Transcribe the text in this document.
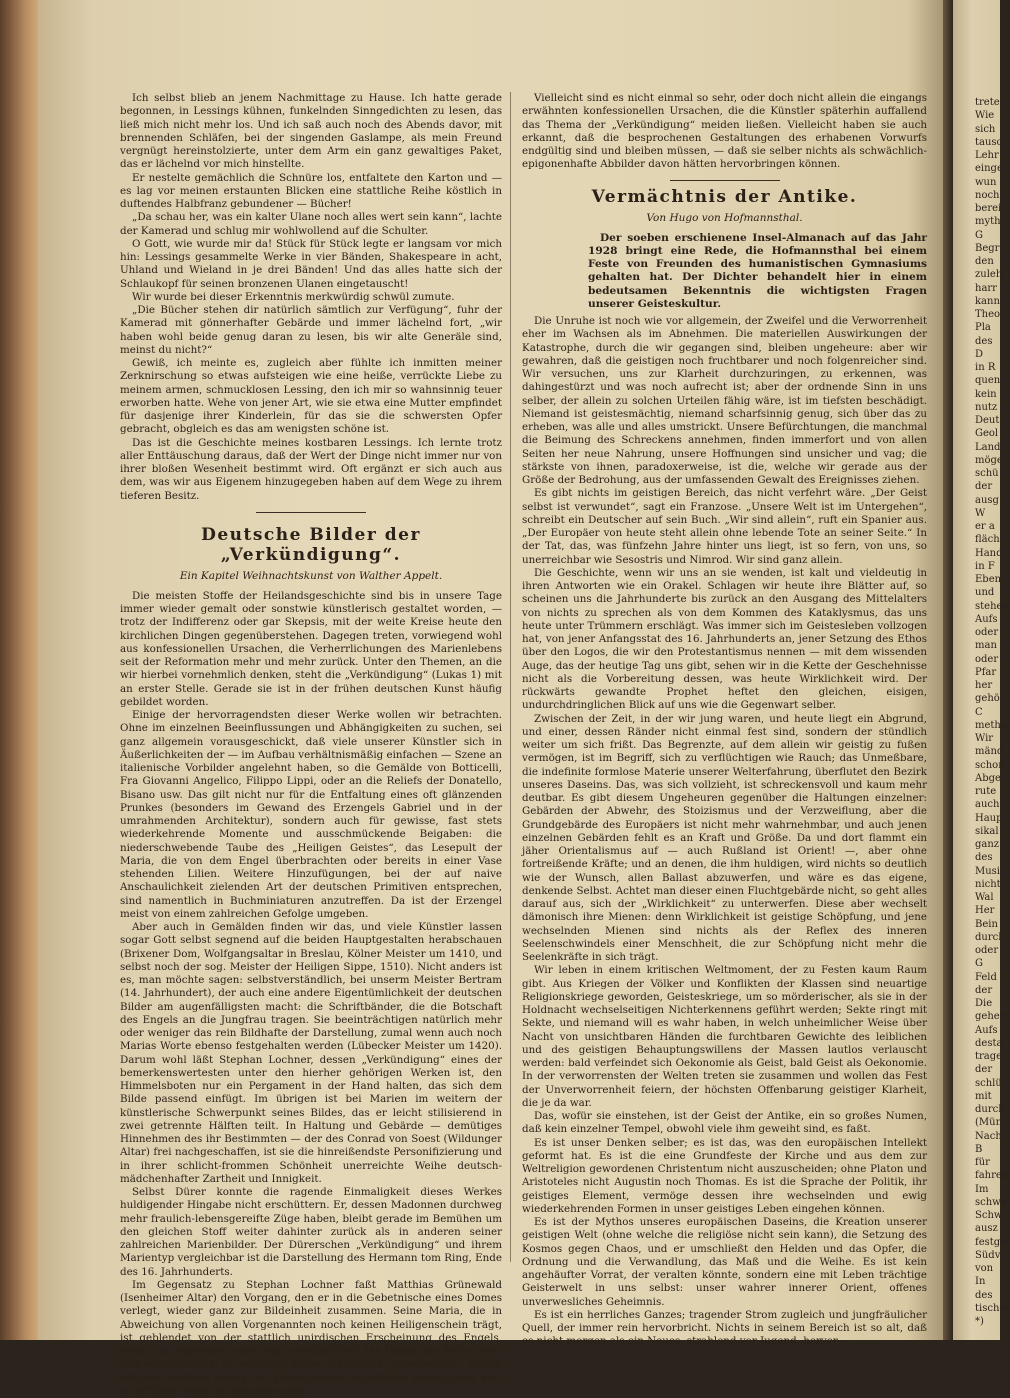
trete
Wie
sich
tausc
Lehr
einge
wun
noch
bereit
myth
G
Begr
den
zuleh
harr
kann
Theo
Pla
des
D
in R
quen
kein
nutz
Deut
Geol
Land
möge
schü
der
ausg
W
er a
fläch
Hand
in F
Eben
und
stehen
Aufs
oder
man
oder
Pfar
her
gehö
C
metho
Wir
mänd
schon
Abge
rute
auch
Haup
sikal
ganz
des
Musi
nicht
Wal
Her
Bein
durch
oder
G
Feld
der
Die
gehen
Aufs
desta
trage
der
schlü
mit
durch
(Mün
Nach
B
für
fahren
Im
schwe
Schw
ausz
festge
Südv
von
In
des
tischer
*)

Ich selbst blieb an jenem Nachmittage zu Hause. Ich hatte gerade begonnen, in Lessings kühnen, funkelnden Sinngedichten zu lesen, das ließ mich nicht mehr los. Und ich saß auch noch des Abends davor, mit brennenden Schläfen, bei der singenden Gaslampe, als mein Freund vergnügt hereinstolzierte, unter dem Arm ein ganz gewaltiges Paket, das er lächelnd vor mich hinstellte.

Er nestelte gemächlich die Schnüre los, entfaltete den Karton und — es lag vor meinen erstaunten Blicken eine stattliche Reihe köstlich in duftendes Halbfranz gebundener — Bücher!

„Da schau her, was ein kalter Ulane noch alles wert sein kann“, lachte der Kamerad und schlug mir wohlwollend auf die Schulter.

O Gott, wie wurde mir da! Stück für Stück legte er langsam vor mich hin: Lessings gesammelte Werke in vier Bänden, Shakespeare in acht, Uhland und Wieland in je drei Bänden! Und das alles hatte sich der Schlaukopf für seinen bronzenen Ulanen eingetauscht!

Wir wurde bei dieser Erkenntnis merkwürdig schwül zumute.

„Die Bücher stehen dir natürlich sämtlich zur Verfügung“, fuhr der Kamerad mit gönnerhafter Gebärde und immer lächelnd fort, „wir haben wohl beide genug daran zu lesen, bis wir alte Generäle sind, meinst du nicht?“

Gewiß, ich meinte es, zugleich aber fühlte ich inmitten meiner Zerknirschung so etwas aufsteigen wie eine heiße, verrückte Liebe zu meinem armen, schmucklosen Lessing, den ich mir so wahnsinnig teuer erworben hatte. Wehe von jener Art, wie sie etwa eine Mutter empfindet für dasjenige ihrer Kinderlein, für das sie die schwersten Opfer gebracht, obgleich es das am wenigsten schöne ist.

Das ist die Geschichte meines kostbaren Lessings. Ich lernte trotz aller Enttäuschung daraus, daß der Wert der Dinge nicht immer nur von ihrer bloßen Wesenheit bestimmt wird. Oft ergänzt er sich auch aus dem, was wir aus Eigenem hinzugegeben haben auf dem Wege zu ihrem tieferen Besitz.

Deutsche Bilder der „Verkündigung“.
Ein Kapitel Weihnachtskunst von Walther Appelt.

Die meisten Stoffe der Heilandsgeschichte sind bis in unsere Tage immer wieder gemalt oder sonstwie künstlerisch gestaltet worden, — trotz der Indifferenz oder gar Skepsis, mit der weite Kreise heute den kirchlichen Dingen gegenüberstehen. Dagegen treten, vorwiegend wohl aus konfessionellen Ursachen, die Verherrlichungen des Marienlebens seit der Reformation mehr und mehr zurück. Unter den Themen, an die wir hierbei vornehmlich denken, steht die „Verkündigung“ (Lukas 1) mit an erster Stelle. Gerade sie ist in der frühen deutschen Kunst häufig gebildet worden.

Einige der hervorragendsten dieser Werke wollen wir betrachten. Ohne im einzelnen Beeinflussungen und Abhängigkeiten zu suchen, sei ganz allgemein vorausgeschickt, daß viele unserer Künstler sich in Äußerlichkeiten der — im Aufbau verhältnismäßig einfachen — Szene an italienische Vorbilder angelehnt haben, so die Gemälde von Botticelli, Fra Giovanni Angelico, Filippo Lippi, oder an die Reliefs der Donatello, Bisano usw. Das gilt nicht nur für die Entfaltung eines oft glänzenden Prunkes (besonders im Gewand des Erzengels Gabriel und in der umrahmenden Architektur), sondern auch für gewisse, fast stets wiederkehrende Momente und ausschmückende Beigaben: die niederschwebende Taube des „Heiligen Geistes“, das Lesepult der Maria, die von dem Engel überbrachten oder bereits in einer Vase stehenden Lilien. Weitere Hinzufügungen, bei der auf naive Anschaulichkeit zielenden Art der deutschen Primitiven entsprechen, sind namentlich in Buchminiaturen anzutreffen. Da ist der Erzengel meist von einem zahlreichen Gefolge umgeben.

Aber auch in Gemälden finden wir das, und viele Künstler lassen sogar Gott selbst segnend auf die beiden Hauptgestalten herabschauen (Brixener Dom, Wolfgangsaltar in Breslau, Kölner Meister um 1410, und selbst noch der sog. Meister der Heiligen Sippe, 1510). Nicht anders ist es, man möchte sagen: selbstverständlich, bei unserm Meister Bertram (14. Jahrhundert), der auch eine andere Eigentümlichkeit der deutschen Bilder am augenfälligsten macht: die Schriftbänder, die die Botschaft des Engels an die Jungfrau tragen. Sie beeinträchtigen natürlich mehr oder weniger das rein Bildhafte der Darstellung, zumal wenn auch noch Marias Worte ebenso festgehalten werden (Lübecker Meister um 1420). Darum wohl läßt Stephan Lochner, dessen „Verkündigung“ eines der bemerkenswertesten unter den hierher gehörigen Werken ist, den Himmelsboten nur ein Pergament in der Hand halten, das sich dem Bilde passend einfügt. Im übrigen ist bei Marien im weitern der künstlerische Schwerpunkt seines Bildes, das er leicht stilisierend in zwei getrennte Hälften teilt. In Haltung und Gebärde — demütiges Hinnehmen des ihr Bestimmten — der des Conrad von Soest (Wildunger Altar) frei nachgeschaffen, ist sie die hinreißendste Personifizierung und in ihrer schlicht-frommen Schönheit unerreichte Weihe deutsch-mädchenhafter Zartheit und Innigkeit.

Selbst Dürer konnte die ragende Einmaligkeit dieses Werkes huldigender Hingabe nicht erschüttern. Er, dessen Madonnen durchweg mehr fraulich-lebensgereifte Züge haben, bleibt gerade im Bemühen um den gleichen Stoff weiter dahinter zurück als in anderen seiner zahlreichen Marienbilder. Der Dürerschen „Verkündigung“ und ihrem Marientyp vergleichbar ist die Darstellung des Hermann tom Ring, Ende des 16. Jahrhunderts.

Im Gegensatz zu Stephan Lochner faßt Matthias Grünewald (Isenheimer Altar) den Vorgang, den er in die Gebetnische eines Domes verlegt, wieder ganz zur Bildeinheit zusammen. Seine Maria, die in Abweichung von allen Vorgenannten noch keinen Heiligenschein trägt, ist geblendet von der stattlich unirdischen Erscheinung des Engels, senkt die Augenlider und neigt unwillkürlich das Haupt zur Seite. Aber ihre wundervollen, im wahrsten Sinne des Wortes „sprechenden“ Hände drücken herrlich genug die gottergebene, abgeklärte Bereitschaft aus, zu erfüllen, wozu sie berufen wurde.

Vielleicht sind es nicht einmal so sehr, oder doch nicht allein die eingangs erwähnten konfessionellen Ursachen, die die Künstler späterhin auffallend das Thema der „Verkündigung“ meiden ließen. Vielleicht haben sie auch erkannt, daß die besprochenen Gestaltungen des erhabenen Vorwurfs endgültig sind und bleiben müssen, — daß sie selber nichts als schwächlich-epigonenhafte Abbilder davon hätten hervorbringen können.

Vermächtnis der Antike.
Von Hugo von Hofmannsthal.

Der soeben erschienene Insel-Almanach auf das Jahr 1928 bringt eine Rede, die Hofmannsthal bei einem Feste von Freunden des humanistischen Gymnasiums gehalten hat. Der Dichter behandelt hier in einem bedeutsamen Bekenntnis die wichtigsten Fragen unserer Geisteskultur.

Die Unruhe ist noch wie vor allgemein, der Zweifel und die Verworrenheit eher im Wachsen als im Abnehmen. Die materiellen Auswirkungen der Katastrophe, durch die wir gegangen sind, bleiben ungeheure: aber wir gewahren, daß die geistigen noch fruchtbarer und noch folgenreicher sind. Wir versuchen, uns zur Klarheit durchzuringen, zu erkennen, was dahingestürzt und was noch aufrecht ist; aber der ordnende Sinn in uns selber, der allein zu solchen Urteilen fähig wäre, ist im tiefsten beschädigt. Niemand ist geistesmächtig, niemand scharfsinnig genug, sich über das zu erheben, was alle und alles umstrickt. Unsere Befürchtungen, die manchmal die Beimung des Schreckens annehmen, finden immerfort und von allen Seiten her neue Nahrung, unsere Hoffnungen sind unsicher und vag; die stärkste von ihnen, paradoxerweise, ist die, welche wir gerade aus der Größe der Bedrohung, aus der umfassenden Gewalt des Ereignisses ziehen.

Es gibt nichts im geistigen Bereich, das nicht verfehrt wäre. „Der Geist selbst ist verwundet“, sagt ein Franzose. „Unsere Welt ist im Untergehen“, schreibt ein Deutscher auf sein Buch. „Wir sind allein“, ruft ein Spanier aus. „Der Europäer von heute steht allein ohne lebende Tote an seiner Seite.“ In der Tat, das, was fünfzehn Jahre hinter uns liegt, ist so fern, von uns, so unerreichbar wie Sesostris und Nimrod. Wir sind ganz allein.

Die Geschichte, wenn wir uns an sie wenden, ist kalt und vieldeutig in ihren Antworten wie ein Orakel. Schlagen wir heute ihre Blätter auf, so scheinen uns die Jahrhunderte bis zurück an den Ausgang des Mittelalters von nichts zu sprechen als von dem Kommen des Kataklysmus, das uns heute unter Trümmern erschlägt. Was immer sich im Geistesleben vollzogen hat, von jener Anfangsstat des 16. Jahrhunderts an, jener Setzung des Ethos über den Logos, die wir den Protestantismus nennen — mit dem wissenden Auge, das der heutige Tag uns gibt, sehen wir in die Kette der Geschehnisse nicht als die Vorbereitung dessen, was heute Wirklichkeit wird. Der rückwärts gewandte Prophet heftet den gleichen, eisigen, undurchdringlichen Blick auf uns wie die Gegenwart selber.

Zwischen der Zeit, in der wir jung waren, und heute liegt ein Abgrund, und einer, dessen Ränder nicht einmal fest sind, sondern der stündlich weiter um sich frißt. Das Begrenzte, auf dem allein wir geistig zu fußen vermögen, ist im Begriff, sich zu verflüchtigen wie Rauch; das Unmeßbare, die indefinite formlose Materie unserer Welterfahrung, überflutet den Bezirk unseres Daseins. Das, was sich vollzieht, ist schreckensvoll und kaum mehr deutbar. Es gibt diesem Ungeheuren gegenüber die Haltungen einzelner: Gebärden der Abwehr, des Stoizismus und der Verzweiflung, aber die Grundgebärde des Europäers ist nicht mehr wahrnehmbar, und auch jenen einzelnen Gebärden fehlt es an Kraft und Größe. Da und dort flammt ein jäher Orientalismus auf — auch Rußland ist Orient! —, aber ohne fortreißende Kräfte; und an denen, die ihm huldigen, wird nichts so deutlich wie der Wunsch, allen Ballast abzuwerfen, und wäre es das eigene, denkende Selbst. Achtet man dieser einen Fluchtgebärde nicht, so geht alles darauf aus, sich der „Wirklichkeit“ zu unterwerfen. Diese aber wechselt dämonisch ihre Mienen: denn Wirklichkeit ist geistige Schöpfung, und jene wechselnden Mienen sind nichts als der Reflex des inneren Seelenschwindels einer Menschheit, die zur Schöpfung nicht mehr die Seelenkräfte in sich trägt.

Wir leben in einem kritischen Weltmoment, der zu Festen kaum Raum gibt. Aus Kriegen der Völker und Konflikten der Klassen sind neuartige Religionskriege geworden, Geisteskriege, um so mörderischer, als sie in der Holdnacht wechselseitigen Nichterkennens geführt werden; Sekte ringt mit Sekte, und niemand will es wahr haben, in welch unheimlicher Weise über Nacht von unsichtbaren Händen die furchtbaren Gewichte des leiblichen und des geistigen Behauptungswillens der Massen lautlos verlauscht werden: bald verfeindet sich Oekonomie als Geist, bald Geist als Oekonomie. In der verworrensten der Welten treten sie zusammen und wollen das Fest der Unverworrenheit feiern, der höchsten Offenbarung geistiger Klarheit, die je da war.

Das, wofür sie einstehen, ist der Geist der Antike, ein so großes Numen, daß kein einzelner Tempel, obwohl viele ihm geweiht sind, es faßt.

Es ist unser Denken selber; es ist das, was den europäischen Intellekt geformt hat. Es ist die eine Grundfeste der Kirche und aus dem zur Weltreligion gewordenen Christentum nicht auszuscheiden; ohne Platon und Aristoteles nicht Augustin noch Thomas. Es ist die Sprache der Politik, ihr geistiges Element, vermöge dessen ihre wechselnden und ewig wiederkehrenden Formen in unser geistiges Leben eingehen können.

Es ist der Mythos unseres europäischen Daseins, die Kreation unserer geistigen Welt (ohne welche die religiöse nicht sein kann), die Setzung des Kosmos gegen Chaos, und er umschließt den Helden und das Opfer, die Ordnung und die Verwandlung, das Maß und die Weihe. Es ist kein angehäufter Vorrat, der veralten könnte, sondern eine mit Leben trächtige Geisterwelt in uns selbst: unser wahrer innerer Orient, offenes unverwesliches Geheimnis.

Es ist ein herrliches Ganzes; tragender Strom zugleich und jungfräulicher Quell, der immer rein hervorbricht. Nichts in seinem Bereich ist so alt, daß es nicht morgen als ein Neues, strahlend vor Jugend, hervor-
